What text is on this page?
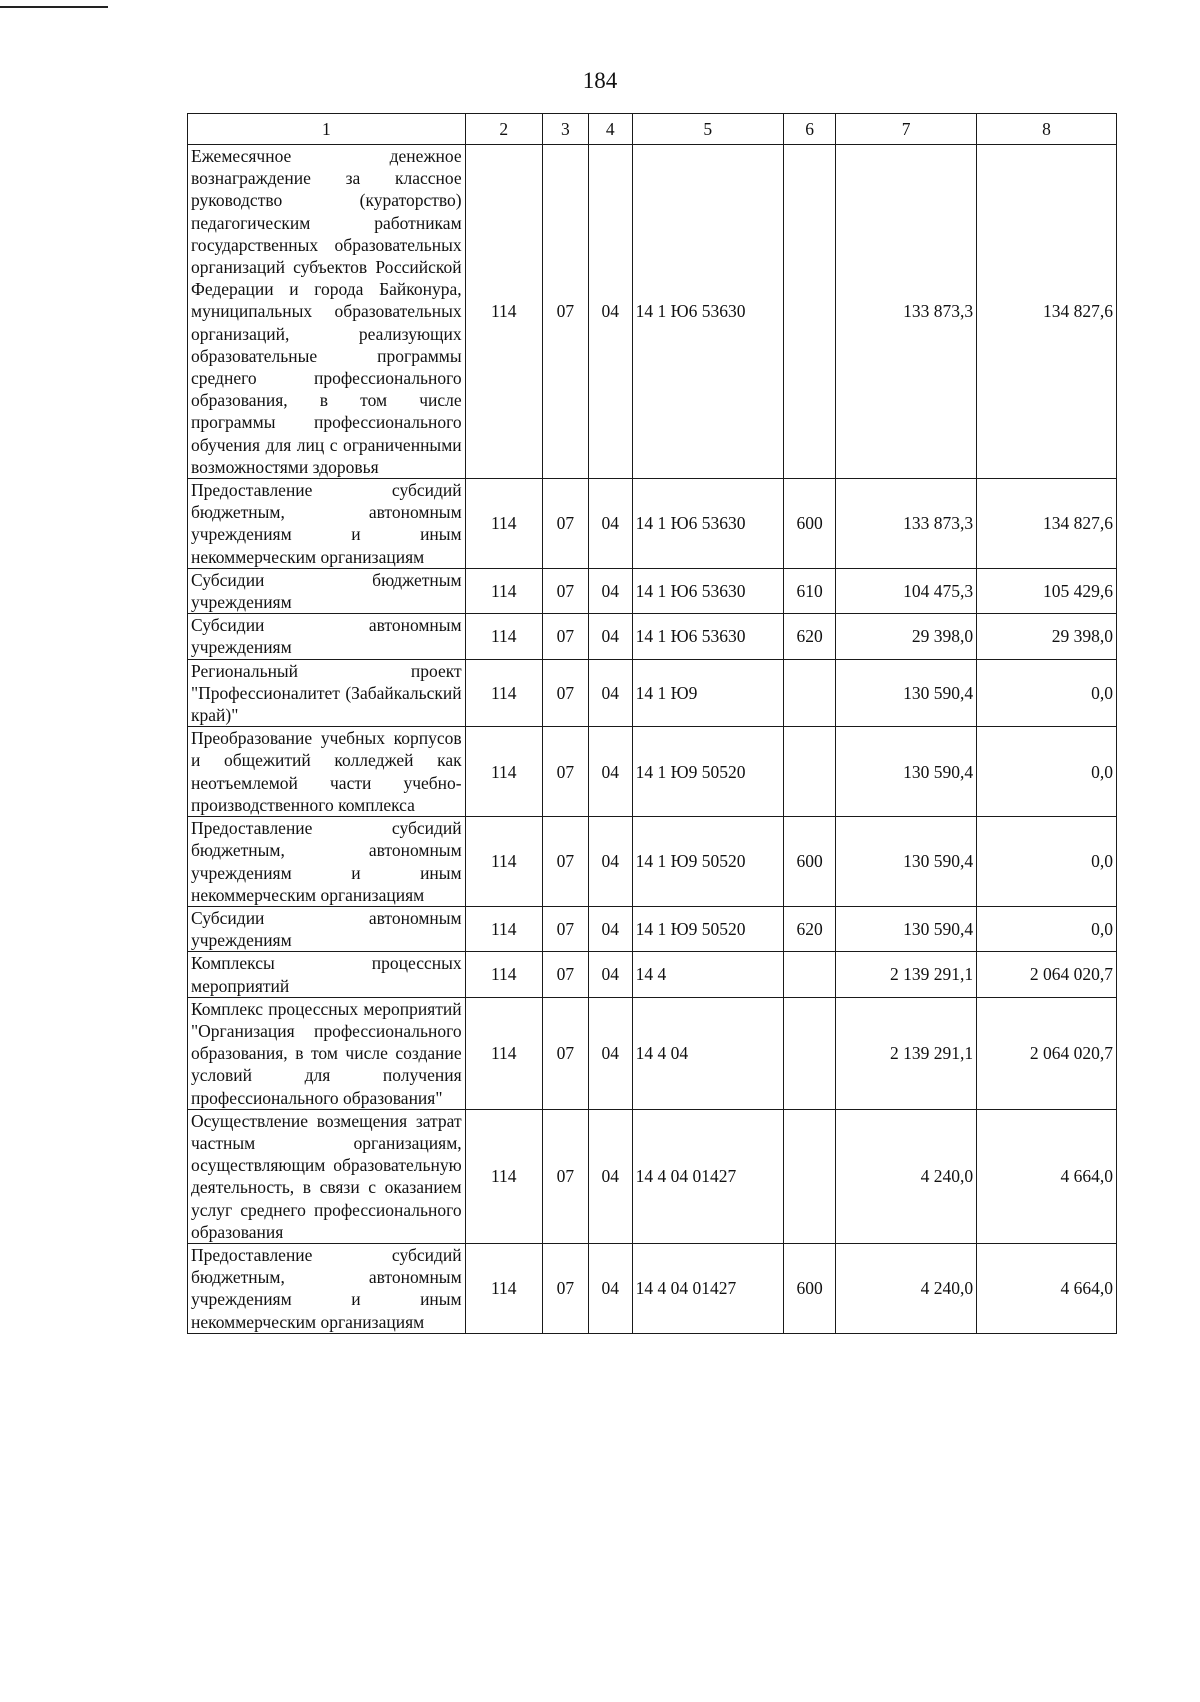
184
1	2	3	4	5	6	7	8
Ежемесячное денежное вознаграждение за классное руководство (кураторство) педагогическим работникам государственных образовательных организаций субъектов Российской Федерации и города Байконура, муниципальных образовательных организаций, реализующих образовательные программы среднего профессионального образования, в том числе программы профессионального обучения для лиц с ограниченными возможностями здоровья	114	07	04	14 1 Ю6 53630		133 873,3	134 827,6
Предоставление субсидий бюджетным, автономным учреждениям и иным некоммерческим организациям	114	07	04	14 1 Ю6 53630	600	133 873,3	134 827,6
Субсидии бюджетным учреждениям	114	07	04	14 1 Ю6 53630	610	104 475,3	105 429,6
Субсидии автономным учреждениям	114	07	04	14 1 Ю6 53630	620	29 398,0	29 398,0
Региональный проект "Профессионалитет (Забайкальский край)"	114	07	04	14 1 Ю9		130 590,4	0,0
Преобразование учебных корпусов и общежитий колледжей как неотъемлемой части учебно-производственного комплекса	114	07	04	14 1 Ю9 50520		130 590,4	0,0
Предоставление субсидий бюджетным, автономным учреждениям и иным некоммерческим организациям	114	07	04	14 1 Ю9 50520	600	130 590,4	0,0
Субсидии автономным учреждениям	114	07	04	14 1 Ю9 50520	620	130 590,4	0,0
Комплексы процессных мероприятий	114	07	04	14 4		2 139 291,1	2 064 020,7
Комплекс процессных мероприятий "Организация профессионального образования, в том числе создание условий для получения профессионального образования"	114	07	04	14 4 04		2 139 291,1	2 064 020,7
Осуществление возмещения затрат частным организациям, осуществляющим образовательную деятельность, в связи с оказанием услуг среднего профессионального образования	114	07	04	14 4 04 01427		4 240,0	4 664,0
Предоставление субсидий бюджетным, автономным учреждениям и иным некоммерческим организациям	114	07	04	14 4 04 01427	600	4 240,0	4 664,0
